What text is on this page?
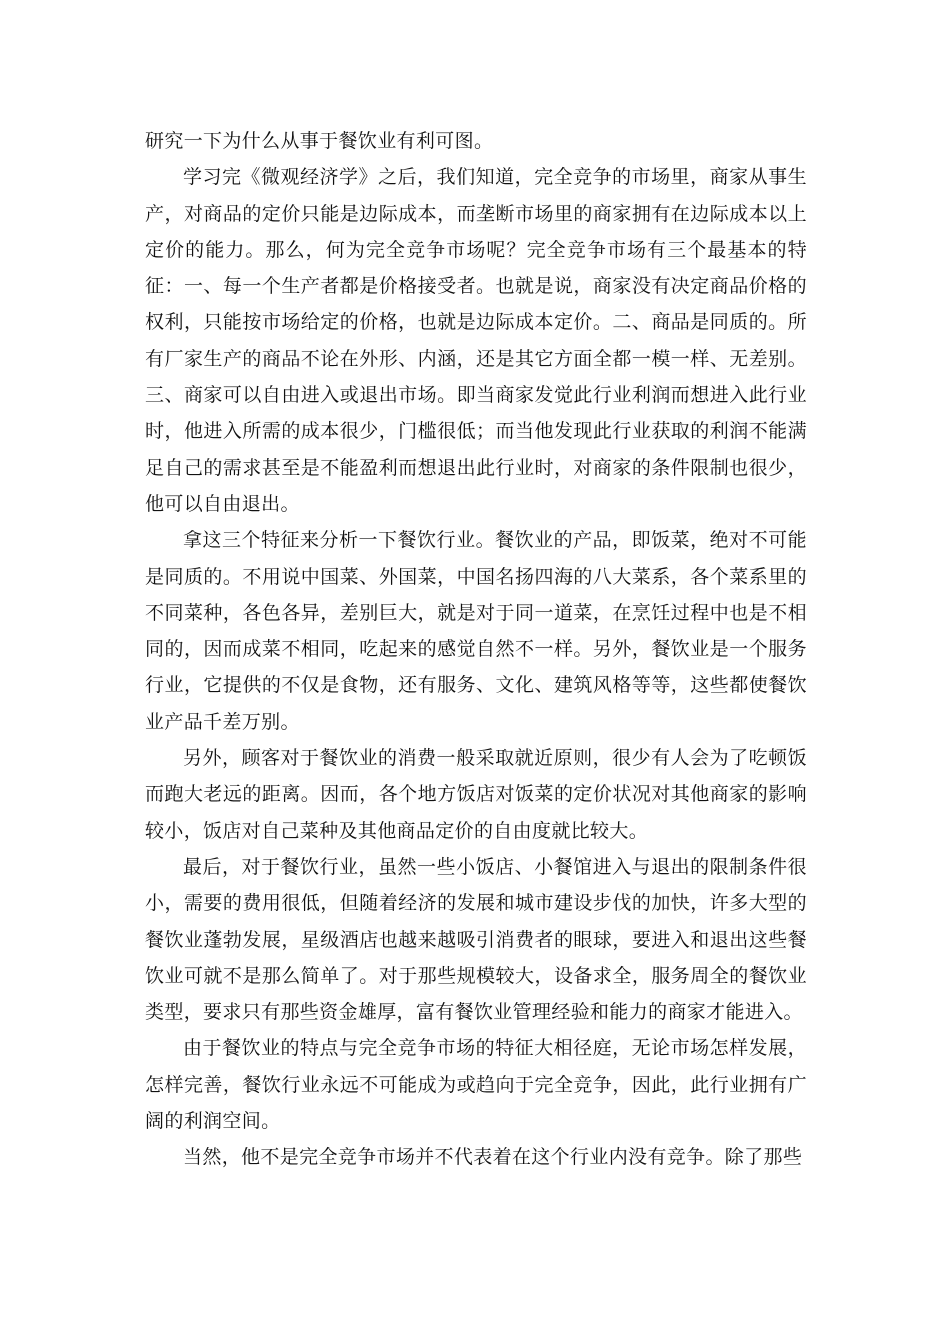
研究一下为什么从事于餐饮业有利可图。

学习完《微观经济学》之后，我们知道，完全竞争的市场里，商家从事生产，对商品的定价只能是边际成本，而垄断市场里的商家拥有在边际成本以上定价的能力。那么，何为完全竞争市场呢？完全竞争市场有三个最基本的特征：一、每一个生产者都是价格接受者。也就是说，商家没有决定商品价格的权利，只能按市场给定的价格，也就是边际成本定价。二、商品是同质的。所有厂家生产的商品不论在外形、内涵，还是其它方面全都一模一样、无差别。三、商家可以自由进入或退出市场。即当商家发觉此行业利润而想进入此行业时，他进入所需的成本很少，门槛很低；而当他发现此行业获取的利润不能满足自己的需求甚至是不能盈利而想退出此行业时，对商家的条件限制也很少，他可以自由退出。

拿这三个特征来分析一下餐饮行业。餐饮业的产品，即饭菜，绝对不可能是同质的。不用说中国菜、外国菜，中国名扬四海的八大菜系，各个菜系里的不同菜种，各色各异，差别巨大，就是对于同一道菜，在烹饪过程中也是不相同的，因而成菜不相同，吃起来的感觉自然不一样。另外，餐饮业是一个服务行业，它提供的不仅是食物，还有服务、文化、建筑风格等等，这些都使餐饮业产品千差万别。

另外，顾客对于餐饮业的消费一般采取就近原则，很少有人会为了吃顿饭而跑大老远的距离。因而，各个地方饭店对饭菜的定价状况对其他商家的影响较小，饭店对自己菜种及其他商品定价的自由度就比较大。

最后，对于餐饮行业，虽然一些小饭店、小餐馆进入与退出的限制条件很小，需要的费用很低，但随着经济的发展和城市建设步伐的加快，许多大型的餐饮业蓬勃发展，星级酒店也越来越吸引消费者的眼球，要进入和退出这些餐饮业可就不是那么简单了。对于那些规模较大，设备求全，服务周全的餐饮业类型，要求只有那些资金雄厚，富有餐饮业管理经验和能力的商家才能进入。

由于餐饮业的特点与完全竞争市场的特征大相径庭，无论市场怎样发展，怎样完善，餐饮行业永远不可能成为或趋向于完全竞争，因此，此行业拥有广阔的利润空间。

当然，他不是完全竞争市场并不代表着在这个行业内没有竞争。除了那些
